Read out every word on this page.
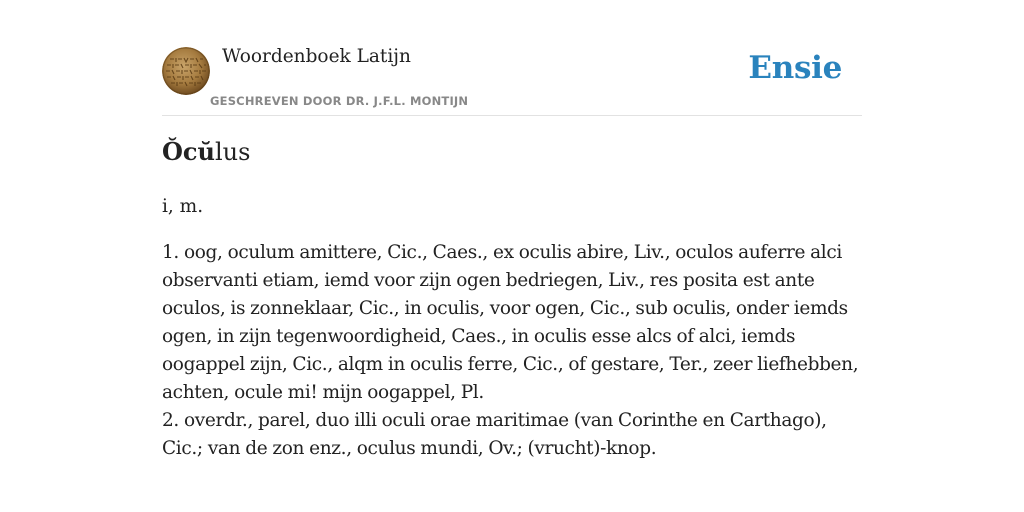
Woordenboek Latijn
GESCHREVEN DOOR DR. J.F.L. MONTIJN
Ensie
Ŏcŭlus
i, m.

1. oog, oculum amittere, Cic., Caes., ex oculis abire, Liv., oculos auferre alci observanti etiam, iemd voor zijn ogen bedriegen, Liv., res posita est ante oculos, is zonneklaar, Cic., in oculis, voor ogen, Cic., sub oculis, onder iemds ogen, in zijn tegenwoordigheid, Caes., in oculis esse alcs of alci, iemds oogappel zijn, Cic., alqm in oculis ferre, Cic., of gestare, Ter., zeer liefhebben, achten, ocule mi! mijn oogappel, Pl.

2. overdr., parel, duo illi oculi orae maritimae (van Corinthe en Carthago), Cic.; van de zon enz., oculus mundi, Ov.; (vrucht)-knop.
